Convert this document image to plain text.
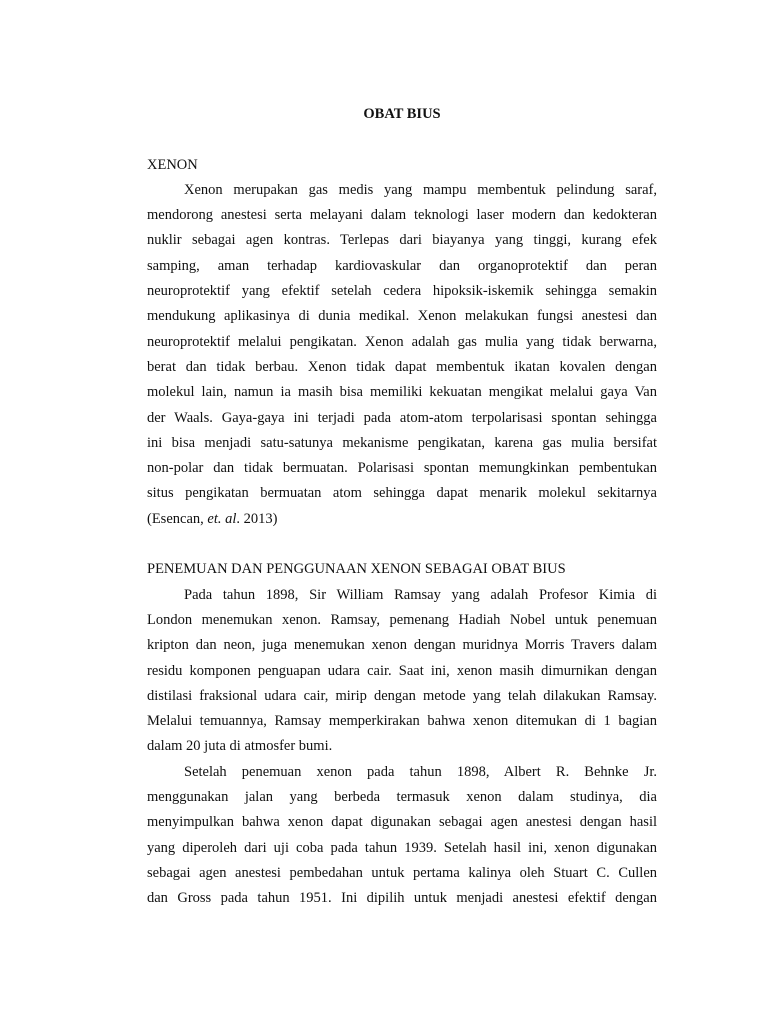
OBAT BIUS
XENON
Xenon merupakan gas medis yang mampu membentuk pelindung saraf,
mendorong anestesi serta melayani dalam teknologi laser modern dan kedokteran
nuklir sebagai agen kontras. Terlepas dari biayanya yang tinggi, kurang efek
samping, aman terhadap kardiovaskular dan organoprotektif dan peran
neuroprotektif yang efektif setelah cedera hipoksik-iskemik sehingga semakin
mendukung aplikasinya di dunia medikal. Xenon melakukan fungsi anestesi dan
neuroprotektif melalui pengikatan. Xenon adalah gas mulia yang tidak berwarna,
berat dan tidak berbau. Xenon tidak dapat membentuk ikatan kovalen dengan
molekul lain, namun ia masih bisa memiliki kekuatan mengikat melalui gaya Van
der Waals. Gaya-gaya ini terjadi pada atom-atom terpolarisasi spontan sehingga
ini bisa menjadi satu-satunya mekanisme pengikatan, karena gas mulia bersifat
non-polar dan tidak bermuatan. Polarisasi spontan memungkinkan pembentukan
situs pengikatan bermuatan atom sehingga dapat menarik molekul sekitarnya
(Esencan, et. al. 2013)
PENEMUAN DAN PENGGUNAAN XENON SEBAGAI OBAT BIUS
Pada tahun 1898, Sir William Ramsay yang adalah Profesor Kimia di
London menemukan xenon. Ramsay, pemenang Hadiah Nobel untuk penemuan
kripton dan neon, juga menemukan xenon dengan muridnya Morris Travers dalam
residu komponen penguapan udara cair. Saat ini, xenon masih dimurnikan dengan
distilasi fraksional udara cair, mirip dengan metode yang telah dilakukan Ramsay.
Melalui temuannya, Ramsay memperkirakan bahwa xenon ditemukan di 1 bagian
dalam 20 juta di atmosfer bumi.
Setelah penemuan xenon pada tahun 1898, Albert R. Behnke Jr.
menggunakan jalan yang berbeda termasuk xenon dalam studinya, dia
menyimpulkan bahwa xenon dapat digunakan sebagai agen anestesi dengan hasil
yang diperoleh dari uji coba pada tahun 1939. Setelah hasil ini, xenon digunakan
sebagai agen anestesi pembedahan untuk pertama kalinya oleh Stuart C. Cullen
dan Gross pada tahun 1951. Ini dipilih untuk menjadi anestesi efektif dengan
